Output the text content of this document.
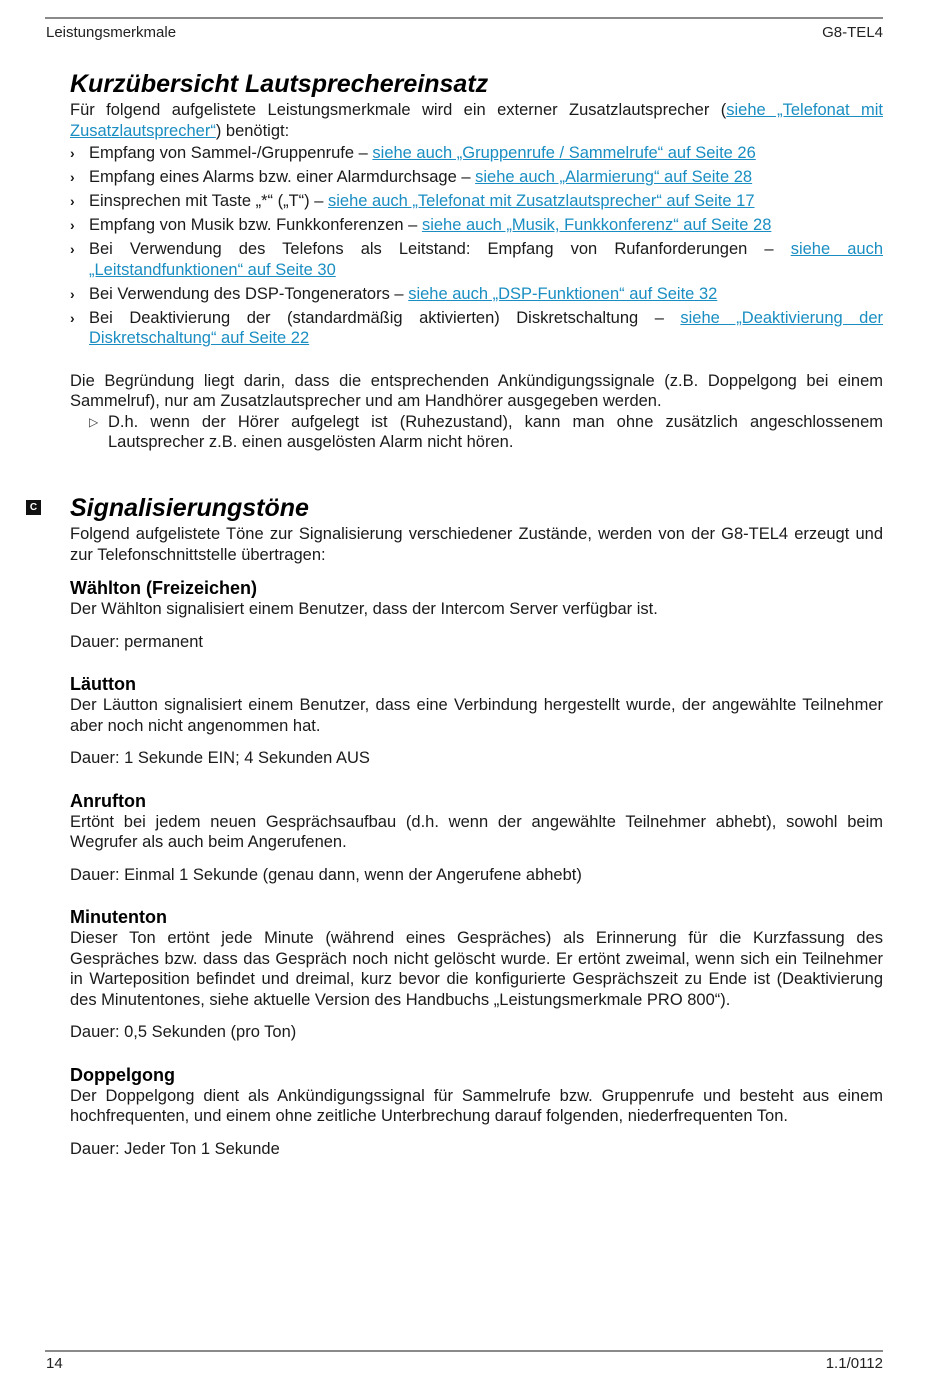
Leistungsmerkmale	G8-TEL4
Kurzübersicht Lautsprechereinsatz

Für folgend aufgelistete Leistungsmerkmale wird ein externer Zusatzlautsprecher (siehe „Telefonat mit Zusatzlautsprecher“) benötigt:

› Empfang von Sammel-/Gruppenrufe – siehe auch „Gruppenrufe / Sammelrufe“ auf Seite 26
› Empfang eines Alarms bzw. einer Alarmdurchsage – siehe auch „Alarmierung“ auf Seite 28
› Einsprechen mit Taste „*“ („T“) – siehe auch „Telefonat mit Zusatzlautsprecher“ auf Seite 17
› Empfang von Musik bzw. Funkkonferenzen – siehe auch „Musik, Funkkonferenz“ auf Seite 28
› Bei Verwendung des Telefons als Leitstand: Empfang von Rufanforderungen – siehe auch „Leitstandfunktionen“ auf Seite 30
› Bei Verwendung des DSP-Tongenerators – siehe auch „DSP-Funktionen“ auf Seite 32
› Bei Deaktivierung der (standardmäßig aktivierten) Diskretschaltung – siehe „Deaktivierung der Diskretschaltung“ auf Seite 22

Die Begründung liegt darin, dass die entsprechenden Ankündigungssignale (z.B. Doppelgong bei einem Sammelruf), nur am Zusatzlautsprecher und am Handhörer ausgegeben werden.

▷ D.h. wenn der Hörer aufgelegt ist (Ruhezustand), kann man ohne zusätzlich angeschlossenem Lautsprecher z.B. einen ausgelösten Alarm nicht hören.
C Signalisierungstöne

Folgend aufgelistete Töne zur Signalisierung verschiedener Zustände, werden von der G8-TEL4 erzeugt und zur Telefonschnittstelle übertragen:

Wählton (Freizeichen)

Der Wählton signalisiert einem Benutzer, dass der Intercom Server verfügbar ist.

Dauer: permanent

Läutton

Der Läutton signalisiert einem Benutzer, dass eine Verbindung hergestellt wurde, der angewählte Teilnehmer aber noch nicht angenommen hat.

Dauer: 1 Sekunde EIN; 4 Sekunden AUS

Anrufton

Ertönt bei jedem neuen Gesprächsaufbau (d.h. wenn der angewählte Teilnehmer abhebt), sowohl beim Wegrufer als auch beim Angerufenen.

Dauer: Einmal 1 Sekunde (genau dann, wenn der Angerufene abhebt)

Minutenton

Dieser Ton ertönt jede Minute (während eines Gespräches) als Erinnerung für die Kurzfassung des Gespräches bzw. dass das Gespräch noch nicht gelöscht wurde. Er ertönt zweimal, wenn sich ein Teilnehmer in Warteposition befindet und dreimal, kurz bevor die konfigurierte Gesprächszeit zu Ende ist (Deaktivierung des Minutentones, siehe aktuelle Version des Handbuchs „Leistungsmerkmale PRO 800“).

Dauer: 0,5 Sekunden (pro Ton)

Doppelgong

Der Doppelgong dient als Ankündigungssignal für Sammelrufe bzw. Gruppenrufe und besteht aus einem hochfrequenten, und einem ohne zeitliche Unterbrechung darauf folgenden, niederfrequenten Ton.

Dauer: Jeder Ton 1 Sekunde

14	1.1/0112
